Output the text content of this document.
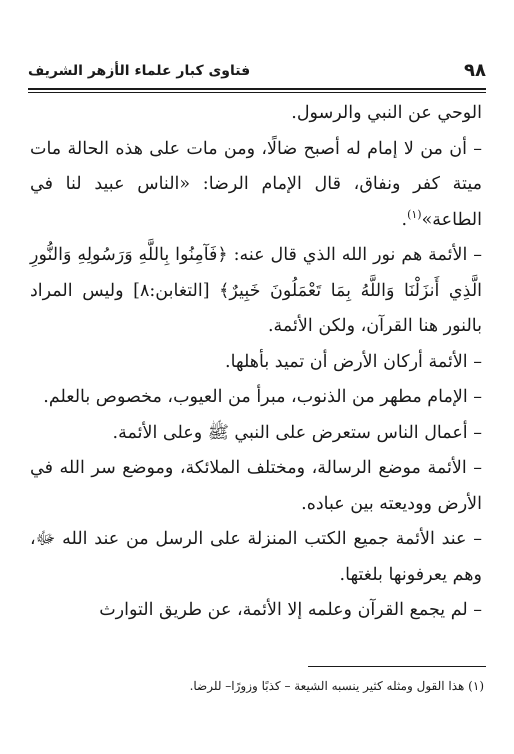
٩٨
فتاوى كبار علماء الأزهر الشريف

الوحي عن النبي والرسول.

– أن من لا إمام له أصبح ضالًا، ومن مات على هذه الحالة مات ميتة كفر ونفاق، قال الإمام الرضا: «الناس عبيد لنا في الطاعة»$^{(١)}$.

– الأئمة هم نور الله الذي قال عنه: ﴿فَآمِنُوا بِاللَّهِ وَرَسُولِهِ وَالنُّورِ الَّذِي أَنزَلْنَا وَاللَّهُ بِمَا تَعْمَلُونَ خَبِيرٌ﴾ [التغابن:٨] وليس المراد بالنور هنا القرآن، ولكن الأئمة.

– الأئمة أركان الأرض أن تميد بأهلها.

– الإمام مطهر من الذنوب، مبرأ من العيوب، مخصوص بالعلم.

– أعمال الناس ستعرض على النبي ﷺ وعلى الأئمة.

– الأئمة موضع الرسالة، ومختلف الملائكة، وموضع سر الله في الأرض ووديعته بين عباده.

– عند الأئمة جميع الكتب المنزلة على الرسل من عند الله ﷻ، وهم يعرفونها بلغتها.

– لم يجمع القرآن وعلمه إلا الأئمة، عن طريق التوارث

(١) هذا القول ومثله كثير ينسبه الشيعة – كذبًا وزورًا– للرضا.
